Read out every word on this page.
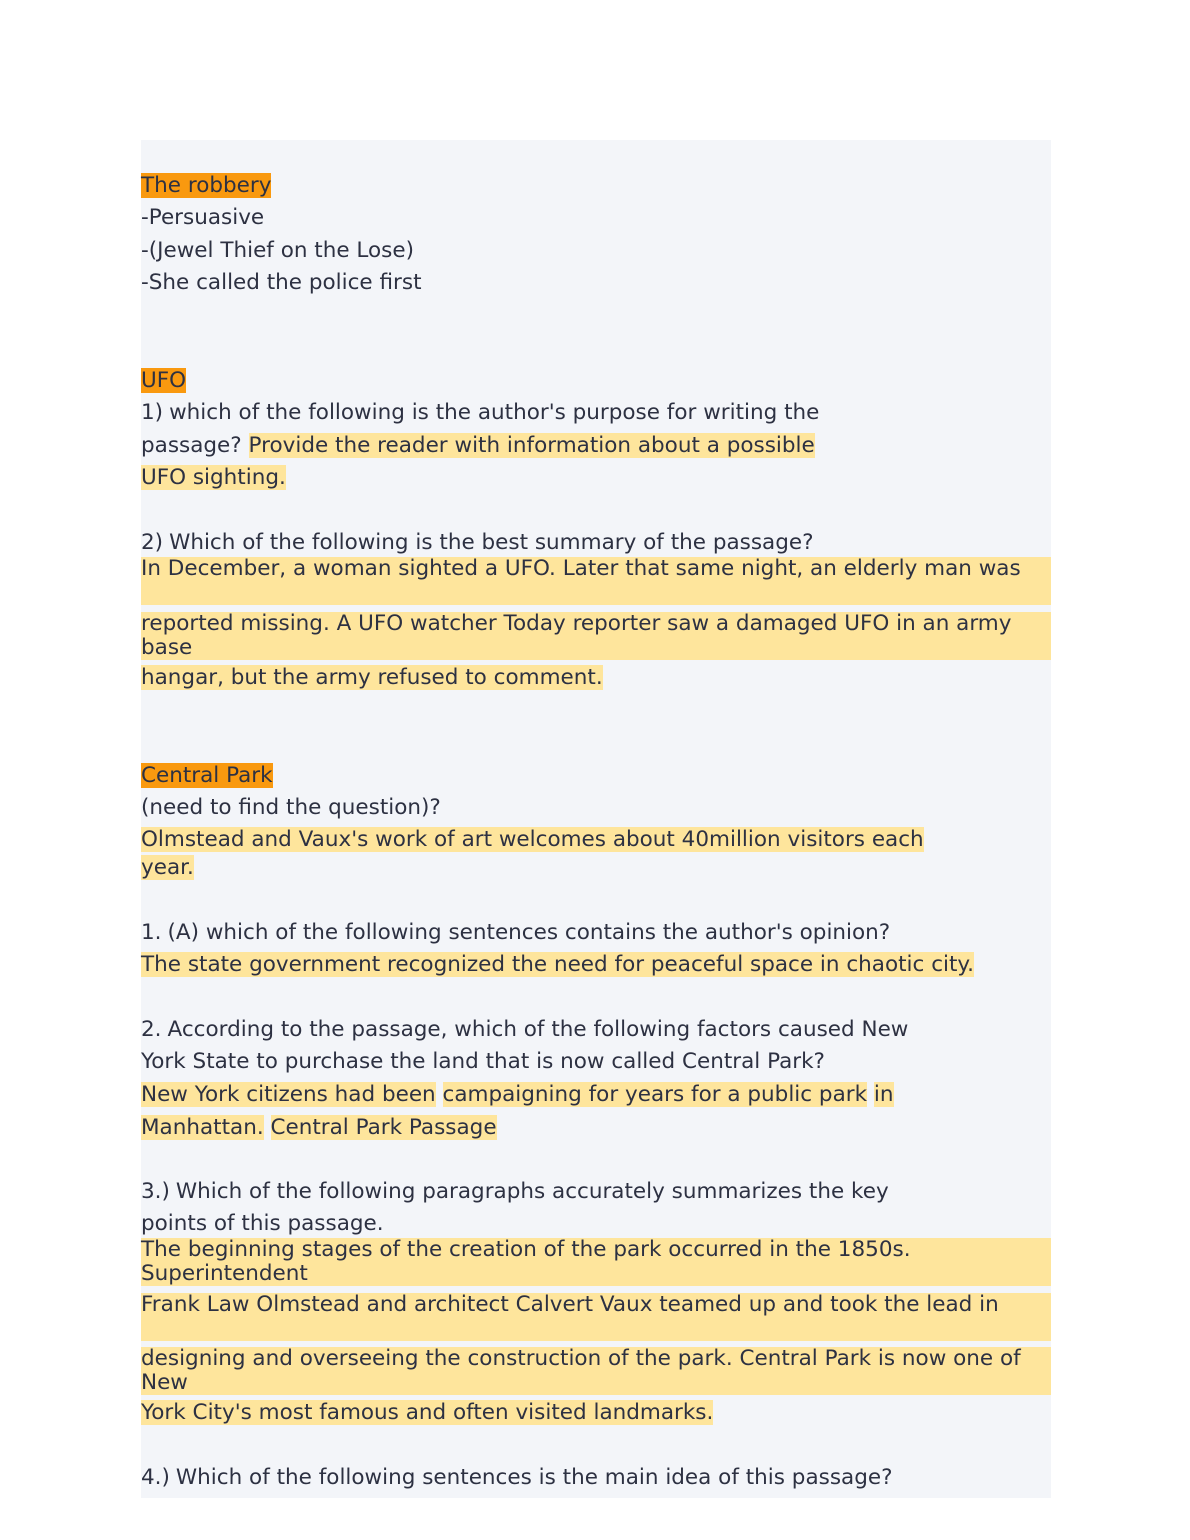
The robbery
-Persuasive
-(Jewel Thief on the Lose)
-She called the police first
UFO
1) which of the following is the author's purpose for writing the
passage? Provide the reader with information about a possible
UFO sighting.
2) Which of the following is the best summary of the passage?
In December, a woman sighted a UFO. Later that same night, an elderly man was
reported missing. A UFO watcher Today reporter saw a damaged UFO in an army base
hangar, but the army refused to comment.
Central Park
(need to find the question)?
Olmstead and Vaux's work of art welcomes about 40million visitors each
year.
1. (A) which of the following sentences contains the author's opinion?
The state government recognized the need for peaceful space in chaotic city.
2. According to the passage, which of the following factors caused New
York State to purchase the land that is now called Central Park?
New York citizens had been campaigning for years for a public park in
Manhattan. Central Park Passage
3.) Which of the following paragraphs accurately summarizes the key
points of this passage.
The beginning stages of the creation of the park occurred in the 1850s. Superintendent
Frank Law Olmstead and architect Calvert Vaux teamed up and took the lead in
designing and overseeing the construction of the park. Central Park is now one of New
York City's most famous and often visited landmarks.
4.) Which of the following sentences is the main idea of this passage?
